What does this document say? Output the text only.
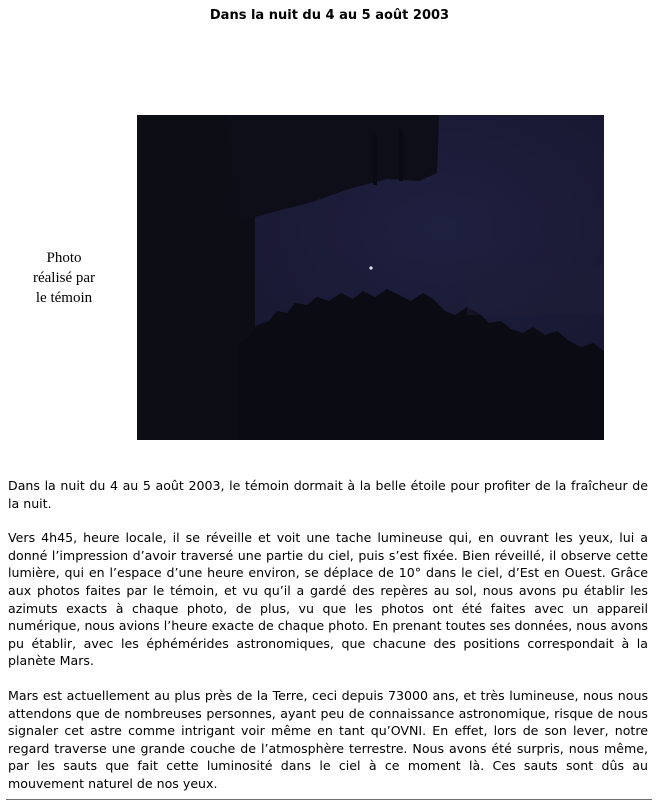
Dans la nuit du 4 au 5 août 2003
Photo
réalisé par
le témoin

Dans la nuit du 4 au 5 août 2003, le témoin dormait à la belle étoile pour profiter de la fraîcheur de la nuit.

Vers 4h45, heure locale, il se réveille et voit une tache lumineuse qui, en ouvrant les yeux, lui a donné l’impression d’avoir traversé une partie du ciel, puis s’est fixée. Bien réveillé, il observe cette lumière, qui en l’espace d’une heure environ, se déplace de 10° dans le ciel, d’Est en Ouest. Grâce aux photos faites par le témoin, et vu qu’il a gardé des repères au sol, nous avons pu établir les azimuts exacts à chaque photo, de plus, vu que les photos ont été faites avec un appareil numérique, nous avions l’heure exacte de chaque photo. En prenant toutes ses données, nous avons pu établir, avec les éphémérides astronomiques, que chacune des positions correspondait à la planète Mars.

Mars est actuellement au plus près de la Terre, ceci depuis 73000 ans, et très lumineuse, nous nous attendons que de nombreuses personnes, ayant peu de connaissance astronomique, risque de nous signaler cet astre comme intrigant voir même en tant qu’OVNI. En effet, lors de son lever, notre regard traverse une grande couche de l’atmosphère terrestre. Nous avons été surpris, nous même, par les sauts que fait cette luminosité dans le ciel à ce moment là. Ces sauts sont dûs au mouvement naturel de nos yeux.
